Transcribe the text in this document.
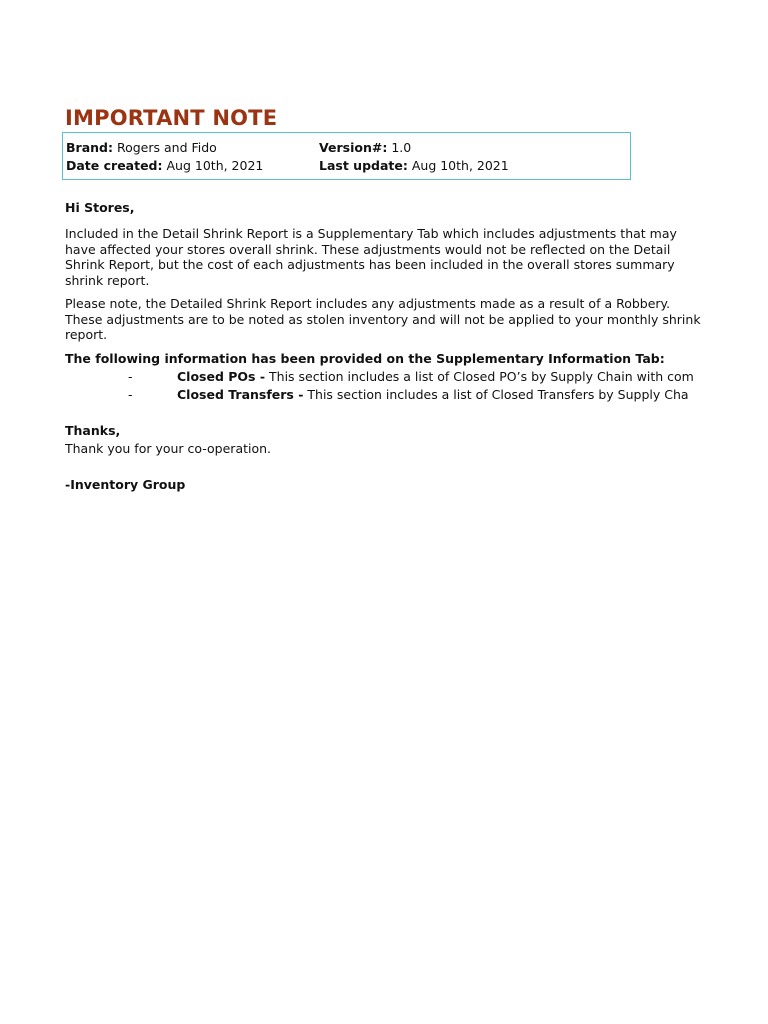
IMPORTANT NOTE
Brand: Rogers and Fido	Version#: 1.0
Date created: Aug 10th, 2021	Last update: Aug 10th, 2021
Hi Stores,
Included in the Detail Shrink Report is a Supplementary Tab which includes adjustments that may have affected your stores overall shrink. These adjustments would not be reflected on the Detail Shrink Report, but the cost of each adjustments has been included in the overall stores summary shrink report.
Please note, the Detailed Shrink Report includes any adjustments made as a result of a Robbery. These adjustments are to be noted as stolen inventory and will not be applied to your monthly shrink report.
The following information has been provided on the Supplementary Information Tab:
-	Closed POs - This section includes a list of Closed PO’s by Supply Chain with com
-	Closed Transfers - This section includes a list of Closed Transfers by Supply Cha
Thanks,
Thank you for your co-operation.
-Inventory Group
